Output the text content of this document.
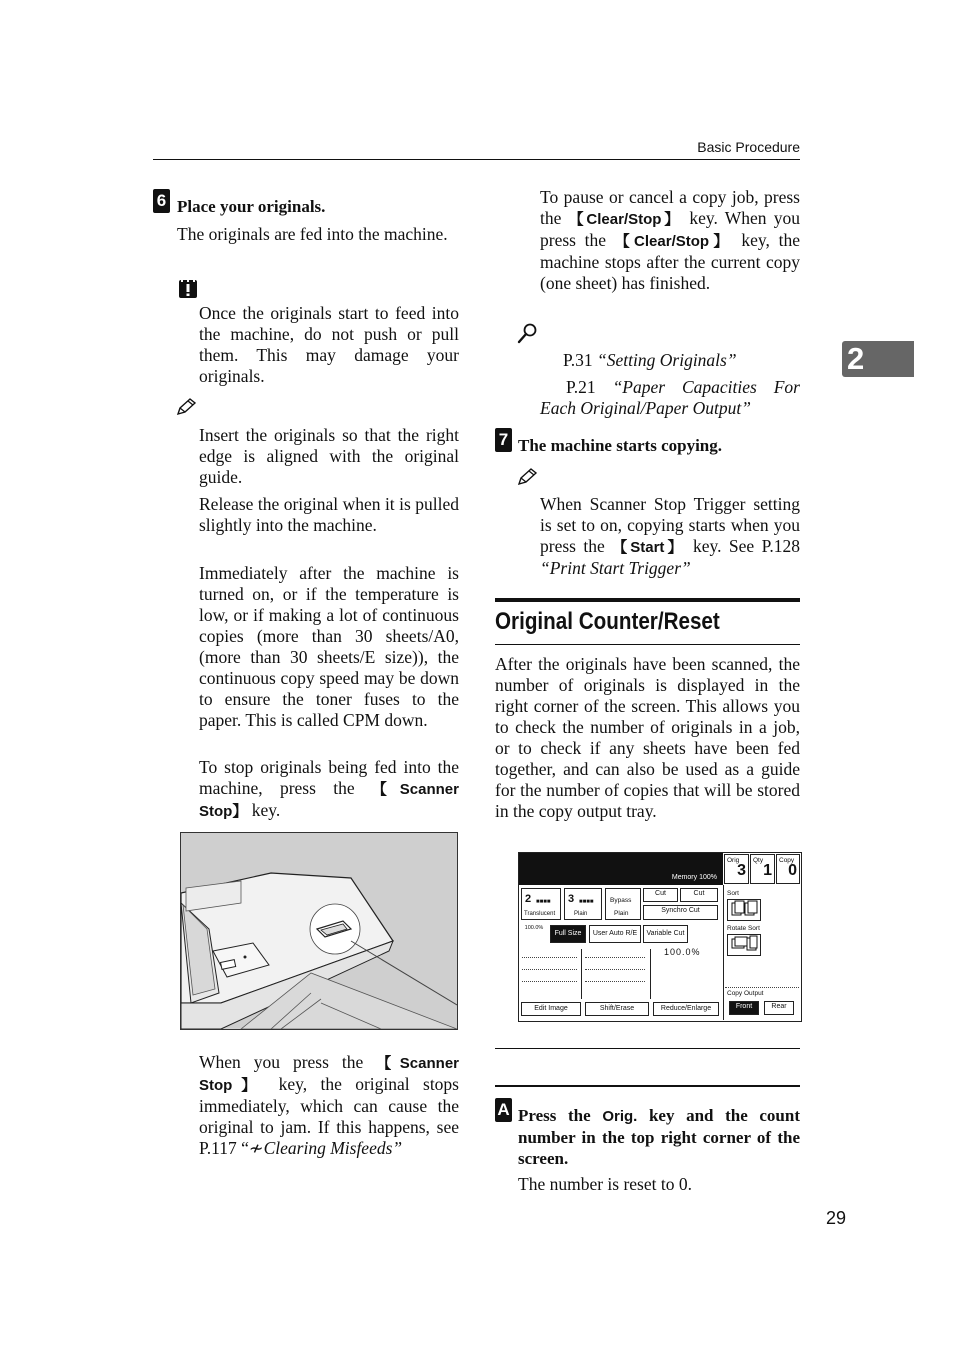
Basic Procedure
2
6 Place your originals.
The originals are fed into the machine.
Once the originals start to feed into the machine, do not push or pull them. This may damage your originals.
Insert the originals so that the right edge is aligned with the original guide.
Release the original when it is pulled slightly into the machine.
Immediately after the machine is turned on, or if the temperature is low, or if making a lot of continuous copies (more than 30 sheets/A0, (more than 30 sheets/E size)), the continuous copy speed may be down to ensure the toner fuses to the paper. This is called CPM down.
To stop originals being fed into the machine, press the 【Scanner Stop】 key.
When you press the 【Scanner Stop】 key, the original stops immediately, which can cause the original to jam. If this happens, see P.117 “≁Clearing Misfeeds”
To pause or cancel a copy job, press the 【Clear/Stop】 key. When you press the 【Clear/Stop】 key, the machine stops after the current copy (one sheet) has finished.
P.31 “Setting Originals”
P.21 “Paper Capacities For Each Original/Paper Output”
7 The machine starts copying.
When Scanner Stop Trigger setting is set to on, copying starts when you press the 【Start】 key. See P.128 “Print Start Trigger”
Original Counter/Reset
After the originals have been scanned, the number of originals is displayed in the right corner of the screen. This allows you to check the number of originals in a job, or to check if any sheets have been fed together, and can also be used as a guide for the number of copies that will be stored in the copy output tray.
Memory 100%
Orig
3
Qty
1
Copy
0
2 ■■■■
Translucent
3 ■■■■
Plain
Bypass
Plain
Cut	Cut
Synchro Cut
100.0%
Full Size	User Auto R/E	Variable Cut
100.0%
Sort
Rotate Sort
Copy Output
Front	Rear
Edit Image	Shift/Erase	Reduce/Enlarge
A Press the Orig. key and the count number in the top right corner of the screen.
The number is reset to 0.
29
